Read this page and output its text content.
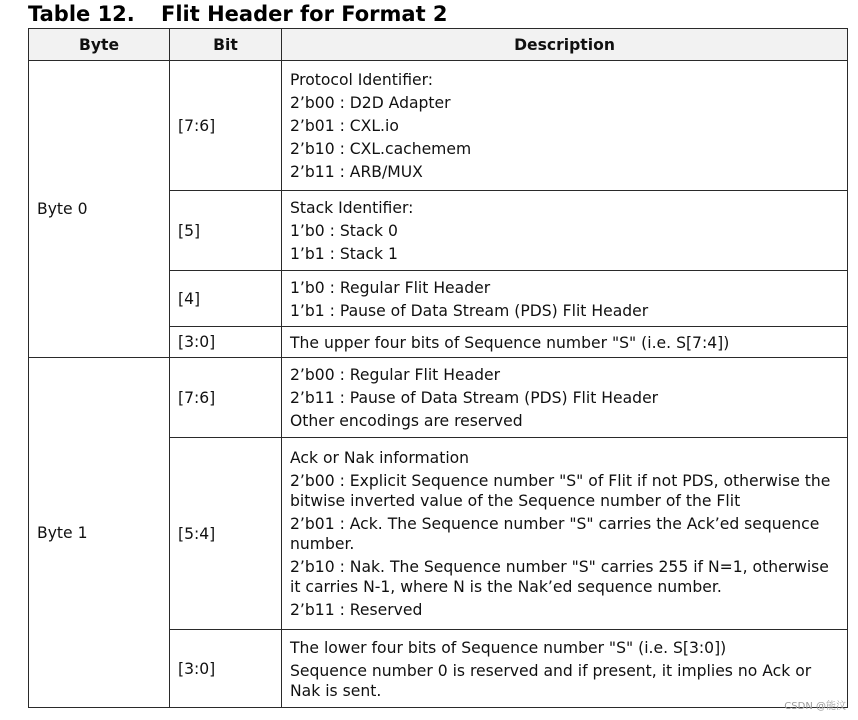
Table 12. Flit Header for Format 2
Byte	Bit	Description
Byte 0	[7:6]	Protocol Identifier:
2’b00 : D2D Adapter
2’b01 : CXL.io
2’b10 : CXL.cachemem
2’b11 : ARB/MUX

	[5]	Stack Identifier:
1’b0 : Stack 0
1’b1 : Stack 1

	[4]	1’b0 : Regular Flit Header
1’b1 : Pause of Data Stream (PDS) Flit Header

	[3:0]	The upper four bits of Sequence number "S" (i.e. S[7:4])

Byte 1	[7:6]	2’b00 : Regular Flit Header
2’b11 : Pause of Data Stream (PDS) Flit Header
Other encodings are reserved

	[5:4]	Ack or Nak information
2’b00 : Explicit Sequence number "S" of Flit if not PDS, otherwise the bitwise inverted value of the Sequence number of the Flit
2’b01 : Ack. The Sequence number "S" carries the Ack’ed sequence number.
2’b10 : Nak. The Sequence number "S" carries 255 if N=1, otherwise it carries N-1, where N is the Nak’ed sequence number.
2’b11 : Reserved

	[3:0]	The lower four bits of Sequence number "S" (i.e. S[3:0])
Sequence number 0 is reserved and if present, it implies no Ack or Nak is sent.
CSDN @能汶
